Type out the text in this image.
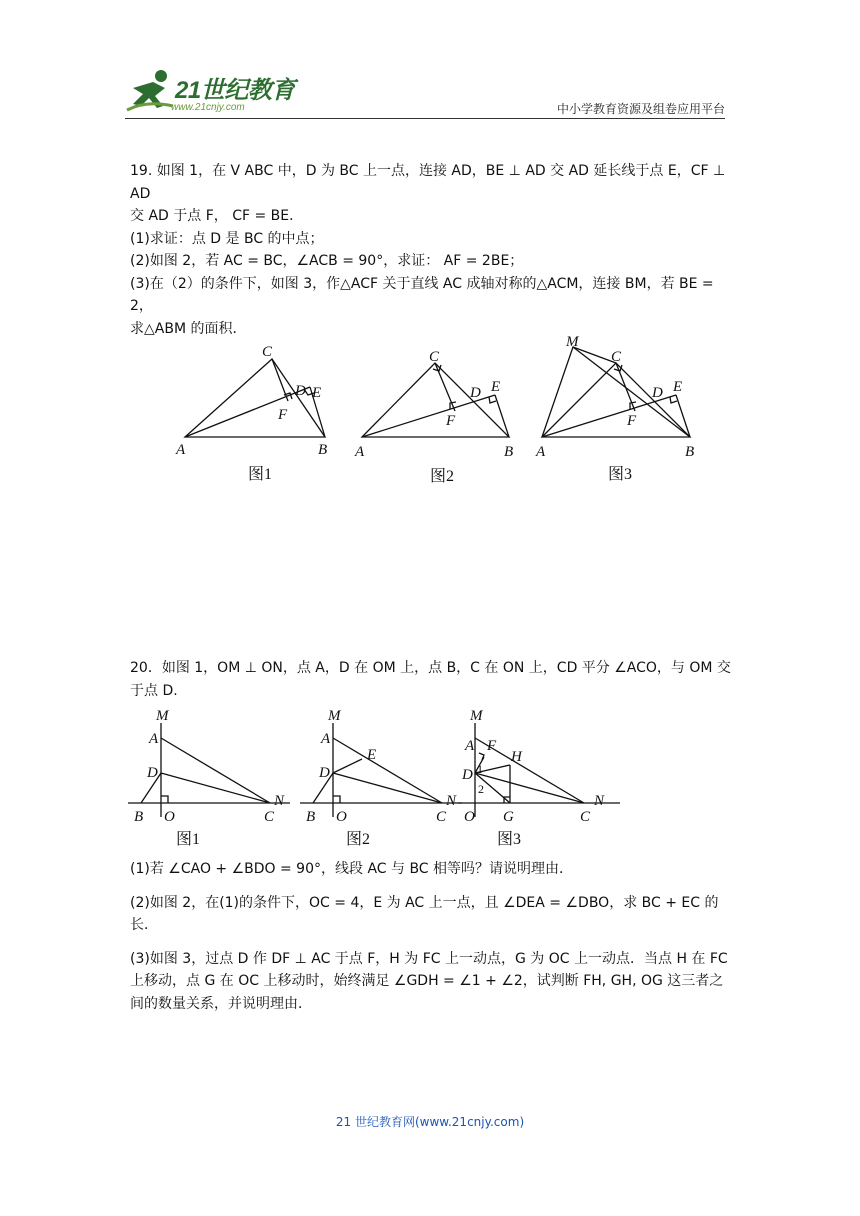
21世纪教育
www.21cnjy.com	中小学教育资源及组卷应用平台

19. 如图 1，在 V ABC 中，D 为 BC 上一点，连接 AD，BE ⊥ AD 交 AD 延长线于点 E，CF ⊥ AD

交 AD 于点 F， CF = BE．

(1)求证：点 D 是 BC 的中点；

(2)如图 2，若 AC = BC，∠ACB = 90°，求证： AF = 2BE；

(3)在（2）的条件下，如图 3，作△ACF 关于直线 AC 成轴对称的△ACM，连接 BM，若 BE = 2，

求△ABM 的面积．

A	B
C
D E
F
图1
A	B
C
D E
F
图2
A	B
C
D E
F
M
图3

20．如图 1，OM ⊥ ON，点 A，D 在 OM 上，点 B，C 在 ON 上，CD 平分 ∠ACO，与 OM 交

于点 D.

M
A
D
B O	C
N
图1
M
A
E
D
B O	C
N
图2
M
A F
H
D 1
2
O G	C
N
图3

(1)若 ∠CAO + ∠BDO = 90°，线段 AC 与 BC 相等吗？请说明理由．

(2)如图 2，在(1)的条件下，OC = 4，E 为 AC 上一点，且 ∠DEA = ∠DBO，求 BC + EC 的长．

(3)如图 3，过点 D 作 DF ⊥ AC 于点 F，H 为 FC 上一动点，G 为 OC 上一动点．当点 H 在 FC

上移动，点 G 在 OC 上移动时，始终满足 ∠GDH = ∠1 + ∠2，试判断 FH, GH, OG 这三者之

间的数量关系，并说明理由．

21 世纪教育网(www.21cnjy.com)
